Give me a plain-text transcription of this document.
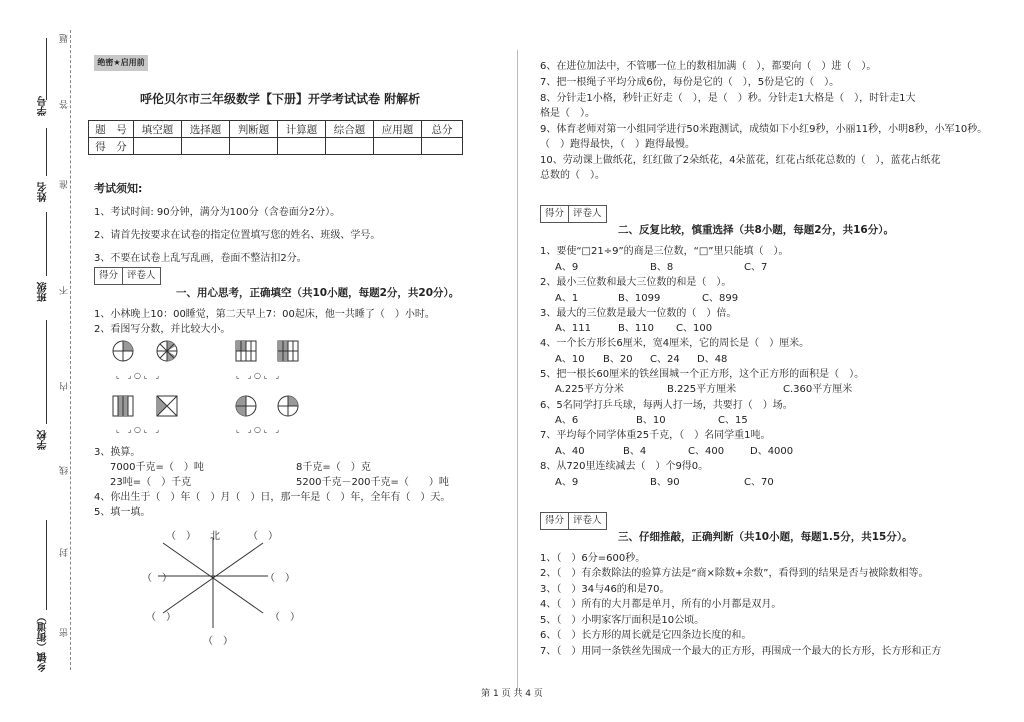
学号
姓名
班级
学校
乡镇（街道）
题
答
准
不
内
线
封
密
绝密★启用前
呼伦贝尔市三年级数学【下册】开学考试试卷 附解析
题　号	填空题	选择题	判断题	计算题	综合题	应用题	总分
得　分							
考试须知:
1、考试时间: 90分钟，满分为100分（含卷面分2分）。
2、请首先按要求在试卷的指定位置填写您的姓名、班级、学号。
3、不要在试卷上乱写乱画，卷面不整洁扣2分。
得分 评卷人
一、用心思考，正确填空（共10小题，每题2分，共20分）。
1、小林晚上10：00睡觉，第二天早上7：00起床，他一共睡了（　）小时。
2、看图写分数，并比较大小。
⌞　⌟ ○ ⌞　⌟	⌞　⌟ ○ ⌞　⌟
⌞　⌟ ○ ⌞　⌟	⌞　⌟ ○ ⌞　⌟
3、换算。
7000千克=（　）吨	8千克=（　）克
23吨=（　）千克	5200千克－200千克=（　　）吨
4、你出生于（　）年（　）月（　）日，那一年是（　）年，全年有（　）天。
5、填一填。
北
（　）	（　）
（　）	（　）
（　）	（　）
（　）
6、在进位加法中，不管哪一位上的数相加满（　），都要向（　）进（　）。
7、把一根绳子平均分成6份，每份是它的（　），5份是它的（　）。
8、分针走1小格，秒针正好走（　），是（　）秒。分针走1大格是（　），时针走1大
格是（　）。
9、体育老师对第一小组同学进行50米跑测试，成绩如下小红9秒，小丽11秒，小明8秒，小军10秒。
（　）跑得最快，（　）跑得最慢。
10、劳动课上做纸花，红红做了2朵纸花，4朵蓝花，红花占纸花总数的（　），蓝花占纸花
总数的（　）。
得分 评卷人
二、反复比较，慎重选择（共8小题，每题2分，共16分）。
1、要使“□21÷9”的商是三位数，“□”里只能填（　）。
A、9	B、8	C、7
2、最小三位数和最大三位数的和是（　）。
A、1	B、1099	C、899
3、最大的三位数是最大一位数的（　）倍。
A、111	B、110 C、100
4、一个长方形长6厘米，宽4厘米，它的周长是（　）厘米。
A、10 B、20 C、24 D、48
5、把一根长60厘米的铁丝围城一个正方形，这个正方形的面积是（　）。
A.225平方分米	B.225平方厘米	C.360平方厘米
6、5名同学打乒乓球，每两人打一场，共要打（　）场。
A、6	B、10	C、15
7、平均每个同学体重25千克，（　）名同学重1吨。
A、40	B、4	C、400	D、4000
8、从720里连续减去（　）个9得0。
A、9	B、90	C、70
得分 评卷人
三、仔细推敲，正确判断（共10小题，每题1.5分，共15分）。
1、（　）6分=600秒。
2、（　）有余数除法的验算方法是“商×除数+余数”，看得到的结果是否与被除数相等。
3、（　）34与46的和是70。
4、（　）所有的大月都是单月，所有的小月都是双月。
5、（　）小明家客厅面积是10公顷。
6、（　）长方形的周长就是它四条边长度的和。
7、（　）用同一条铁丝先围成一个最大的正方形，再围成一个最大的长方形，长方形和正方
第 1 页 共 4 页
